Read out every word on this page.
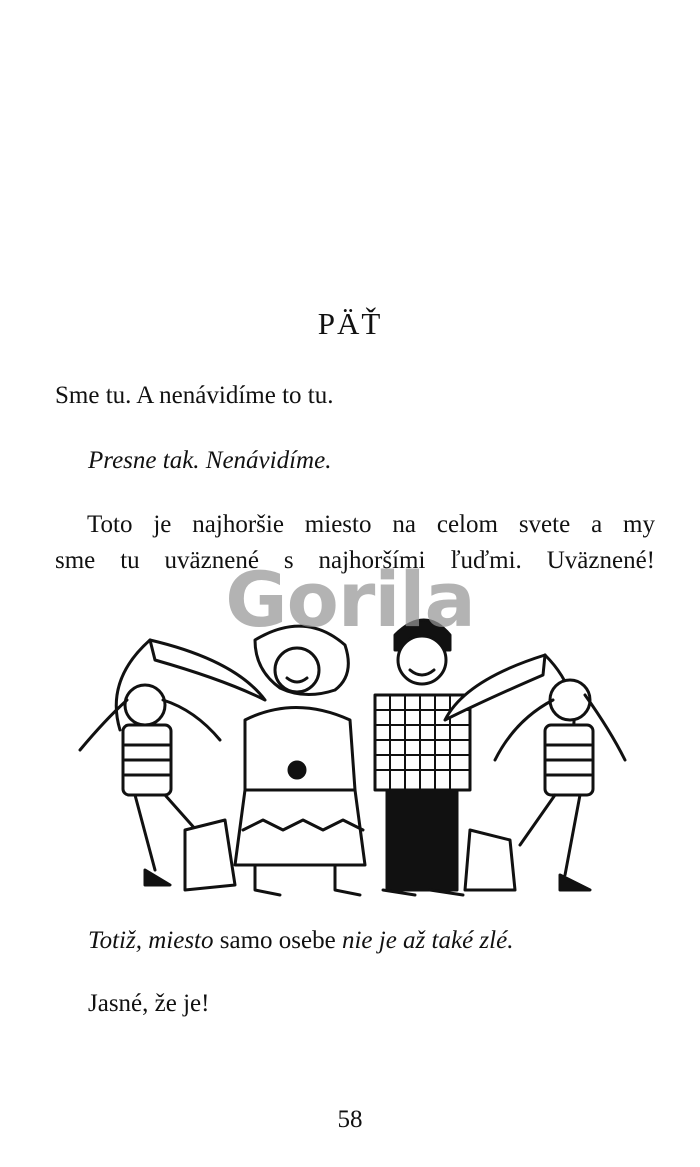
PÄŤ

Sme tu. A nenávidíme to tu.

Presne tak. Nenávidíme.

Toto je najhoršie miesto na celom svete a my
sme tu uväznené s najhoršími ľuďmi. Uväznené!

Gorila

Totiž, miesto samo osebe nie je až také zlé.

Jasné, že je!

58
